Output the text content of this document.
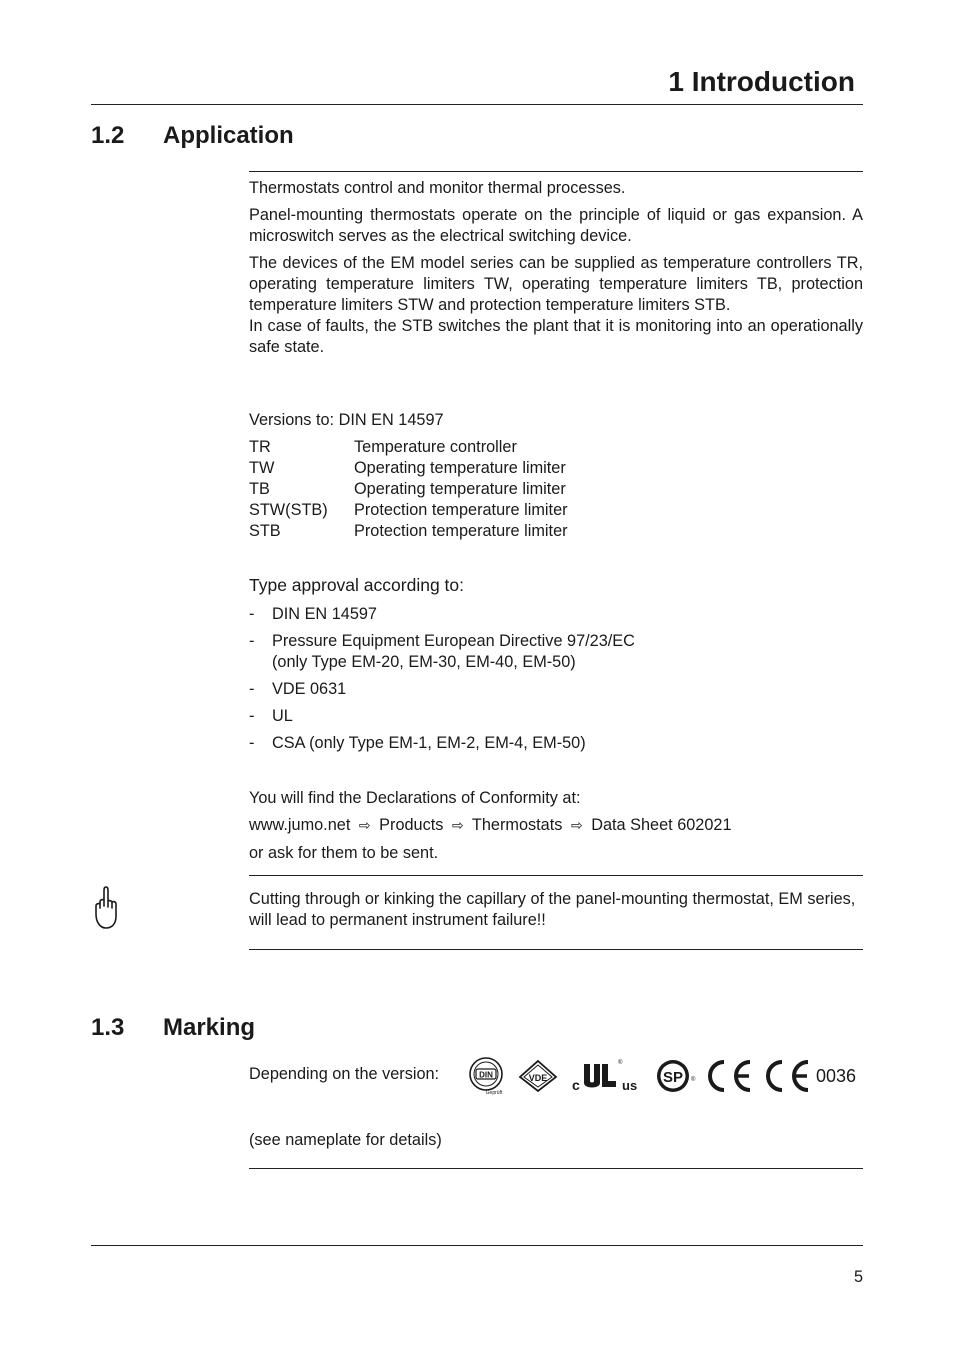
1 Introduction
1.2 Application

Thermostats control and monitor thermal processes.

Panel-mounting thermostats operate on the principle of liquid or gas expansion. A microswitch serves as the electrical switching device.

The devices of the EM model series can be supplied as temperature controllers TR, operating temperature limiters TW, operating temperature limiters TB, protection temperature limiters STW and protection temperature limiters STB.

In case of faults, the STB switches the plant that it is monitoring into an operationally safe state.

Versions to: DIN EN 14597
TR	Temperature controller
TW	Operating temperature limiter
TB	Operating temperature limiter
STW(STB)	Protection temperature limiter
STB	Protection temperature limiter
Type approval according to:
-	DIN EN 14597
-	Pressure Equipment European Directive 97/23/EC
(only Type EM-20, EM-30, EM-40, EM-50)
-	VDE 0631
-	UL
-	CSA (only Type EM-1, EM-2, EM-4, EM-50)
You will find the Declarations of Conformity at:
www.jumo.net ⇨ Products ⇨ Thermostats ⇨ Data Sheet 602021
or ask for them to be sent.
Cutting through or kinking the capillary of the panel-mounting thermostat, EM series, will lead to permanent instrument failure!!
1.3 Marking
Depending on the version:	DIN
Geprüft
VDE c
®
us SP ®	0036
(see nameplate for details)
5
